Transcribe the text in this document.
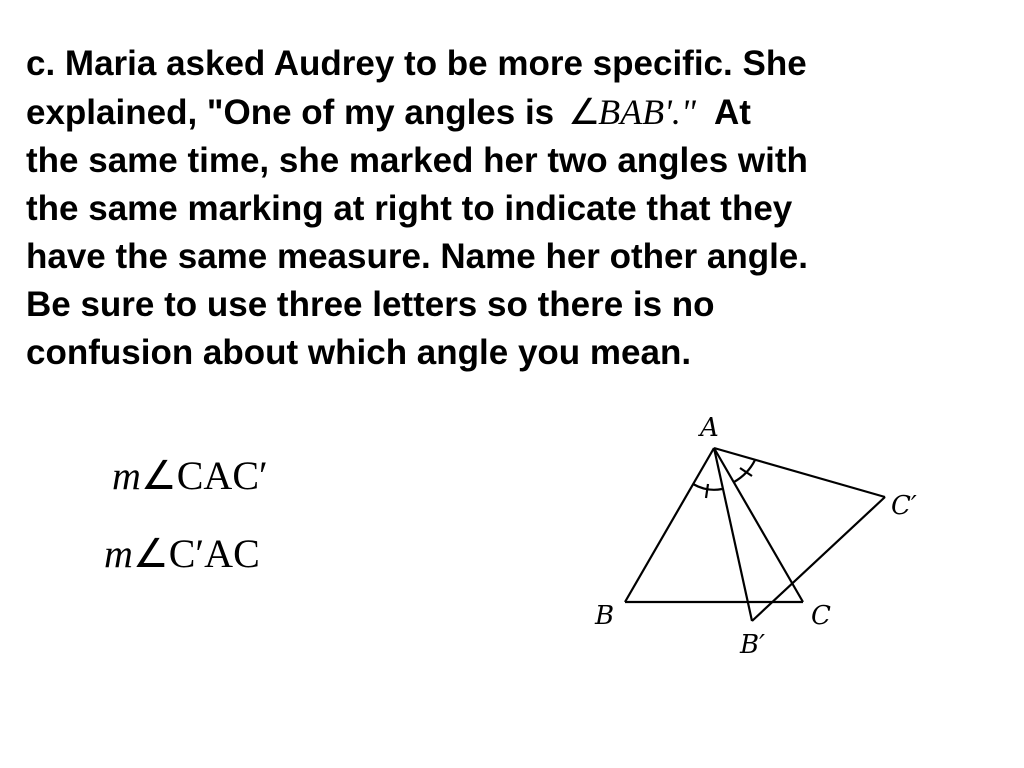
c. Maria asked Audrey to be more specific. She
explained, "One of my angles is ∠BAB'." At
the same time, she marked her two angles with
the same marking at right to indicate that they
have the same measure. Name her other angle.
Be sure to use three letters so there is no
confusion about which angle you mean.
m∠CAC′
m∠C′AC
A
B	C
B′
C′
